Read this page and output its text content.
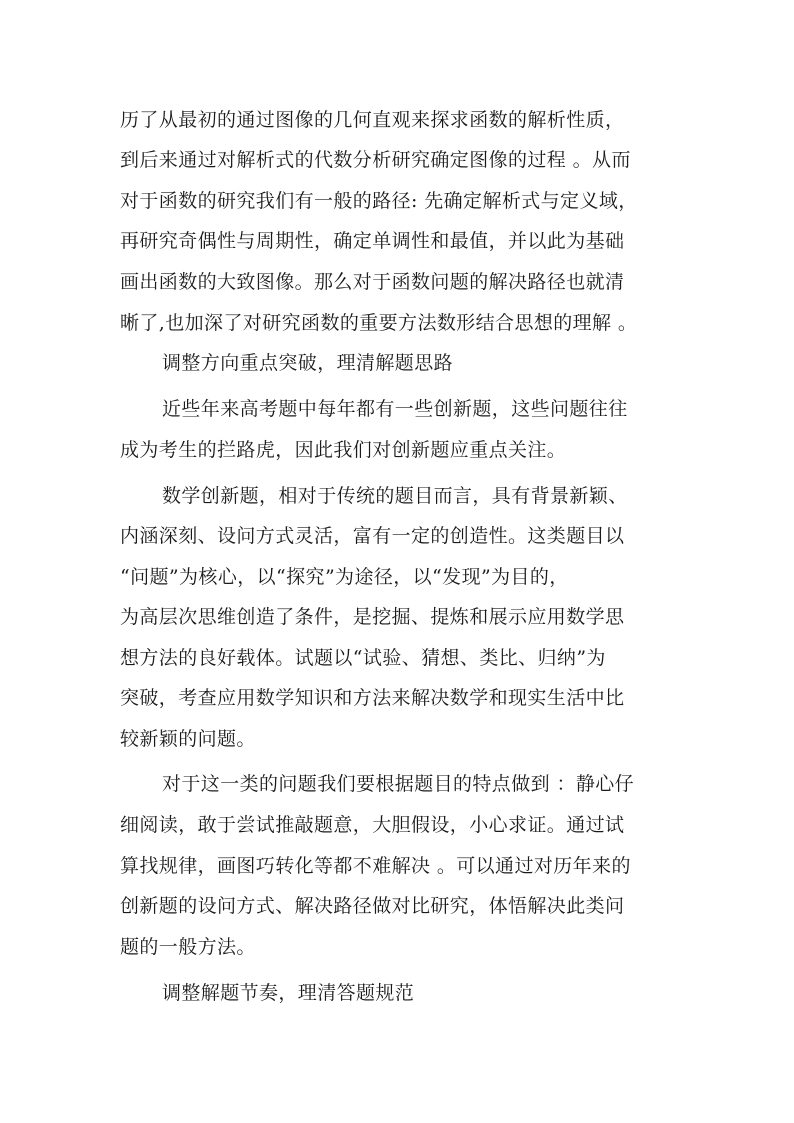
历了从最初的通过图像的几何直观来探求函数的解析性质，
到后来通过对解析式的代数分析研究确定图像的过程 。从而
对于函数的研究我们有一般的路径: 先确定解析式与定义域，
再研究奇偶性与周期性，确定单调性和最值，并以此为基础
画出函数的大致图像。那么对于函数问题的解决路径也就清
晰了,也加深了对研究函数的重要方法数形结合思想的理解 。
调整方向重点突破，理清解题思路
近些年来高考题中每年都有一些创新题，这些问题往往
成为考生的拦路虎，因此我们对创新题应重点关注。
数学创新题，相对于传统的题目而言，具有背景新颖、
内涵深刻、设问方式灵活，富有一定的创造性。这类题目以
“问题”为核心，以“探究”为途径，以“发现”为目的，
为高层次思维创造了条件，是挖掘、提炼和展示应用数学思
想方法的良好载体。试题以“试验、猜想、类比、归纳”为
突破，考查应用数学知识和方法来解决数学和现实生活中比
较新颖的问题。
对于这一类的问题我们要根据题目的特点做到 ：静心仔
细阅读，敢于尝试推敲题意，大胆假设，小心求证。通过试
算找规律，画图巧转化等都不难解决 。可以通过对历年来的
创新题的设问方式、解决路径做对比研究，体悟解决此类问
题的一般方法。
调整解题节奏，理清答题规范
